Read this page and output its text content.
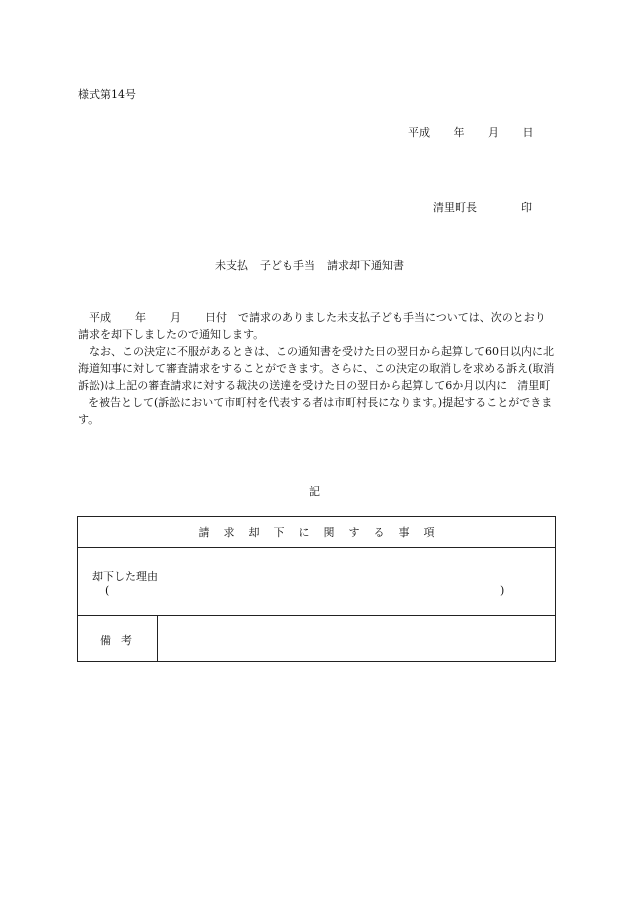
様式第14号
平成 年 月 日
清里町長	印
未支払 子ども手当 請求却下通知書

平成 年 月 日付　で請求のありました未支払子ども手当については、次のとおり請求を却下しましたので通知します。

なお、この決定に不服があるときは、この通知書を受けた日の翌日から起算して60日以内に北海道知事に対して審査請求をすることができます。さらに、この決定の取消しを求める訴え(取消訴訟)は上記の審査請求に対する裁決の送達を受けた日の翌日から起算して6か月以内に 清里町を被告として(訴訟において市町村を代表する者は市町村長になります。)提起することができます。

記
請求却下に関する事項
却下した理由
(	)
備考
